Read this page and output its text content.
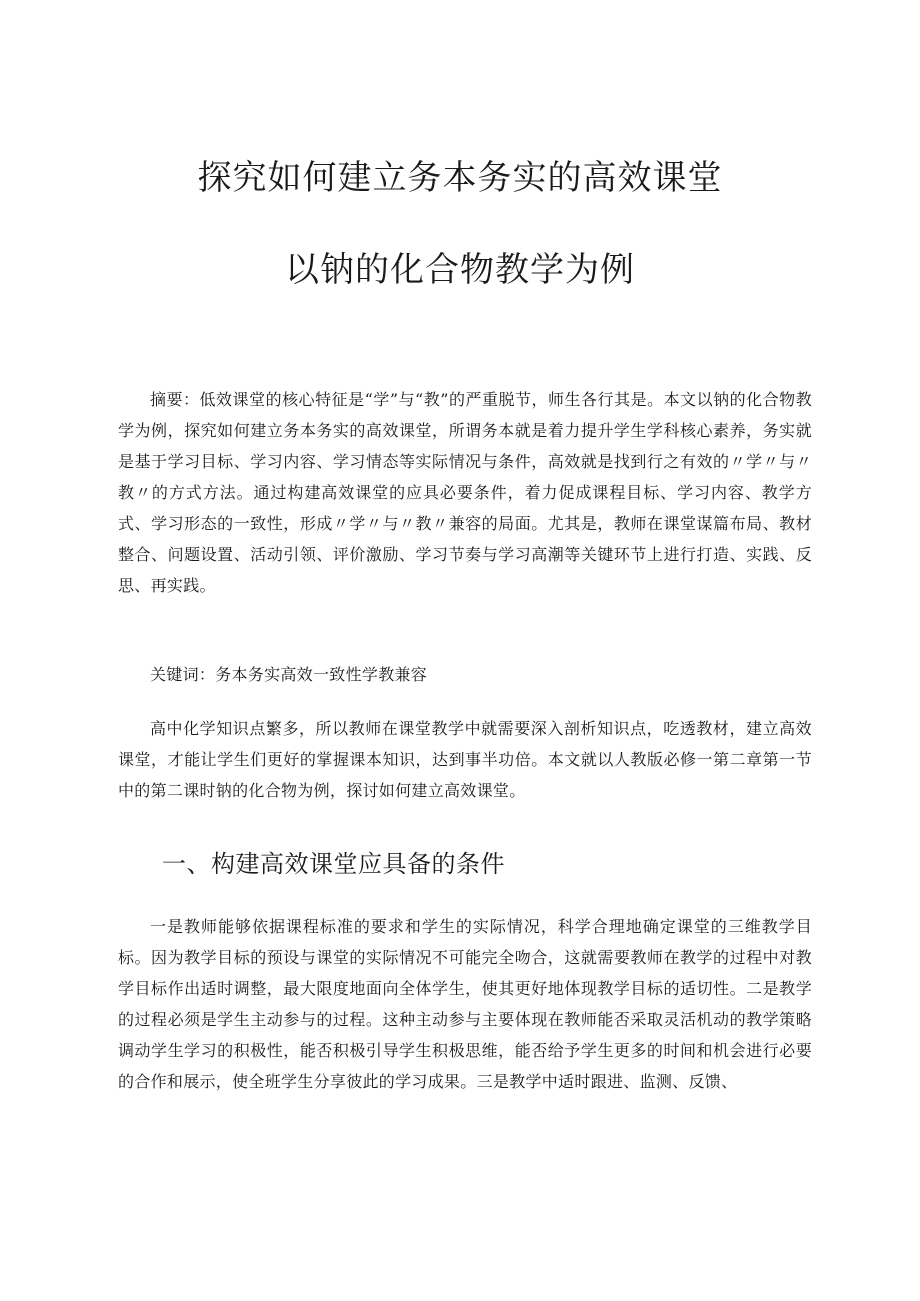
探究如何建立务本务实的高效课堂
以钠的化合物教学为例

摘要：低效课堂的核心特征是“学”与“教”的严重脱节，师生各行其是。本文以钠的化合物教学为例，探究如何建立务本务实的高效课堂，所谓务本就是着力提升学生学科核心素养，务实就是基于学习目标、学习内容、学习情态等实际情况与条件，高效就是找到行之有效的〃学〃与〃教〃的方式方法。通过构建高效课堂的应具必要条件，着力促成课程目标、学习内容、教学方式、学习形态的一致性，形成〃学〃与〃教〃兼容的局面。尤其是，教师在课堂谋篇布局、教材整合、问题设置、活动引领、评价激励、学习节奏与学习高潮等关键环节上进行打造、实践、反思、再实践。

关键词：务本务实高效一致性学教兼容

高中化学知识点繁多，所以教师在课堂教学中就需要深入剖析知识点，吃透教材，建立高效课堂，才能让学生们更好的掌握课本知识，达到事半功倍。本文就以人教版必修一第二章第一节中的第二课时钠的化合物为例，探讨如何建立高效课堂。

一、构建高效课堂应具备的条件

一是教师能够依据课程标准的要求和学生的实际情况，科学合理地确定课堂的三维教学目标。因为教学目标的预设与课堂的实际情况不可能完全吻合，这就需要教师在教学的过程中对教学目标作出适时调整，最大限度地面向全体学生，使其更好地体现教学目标的适切性。二是教学的过程必须是学生主动参与的过程。这种主动参与主要体现在教师能否采取灵活机动的教学策略调动学生学习的积极性，能否积极引导学生积极思维，能否给予学生更多的时间和机会进行必要的合作和展示，使全班学生分享彼此的学习成果。三是教学中适时跟进、监测、反馈、
